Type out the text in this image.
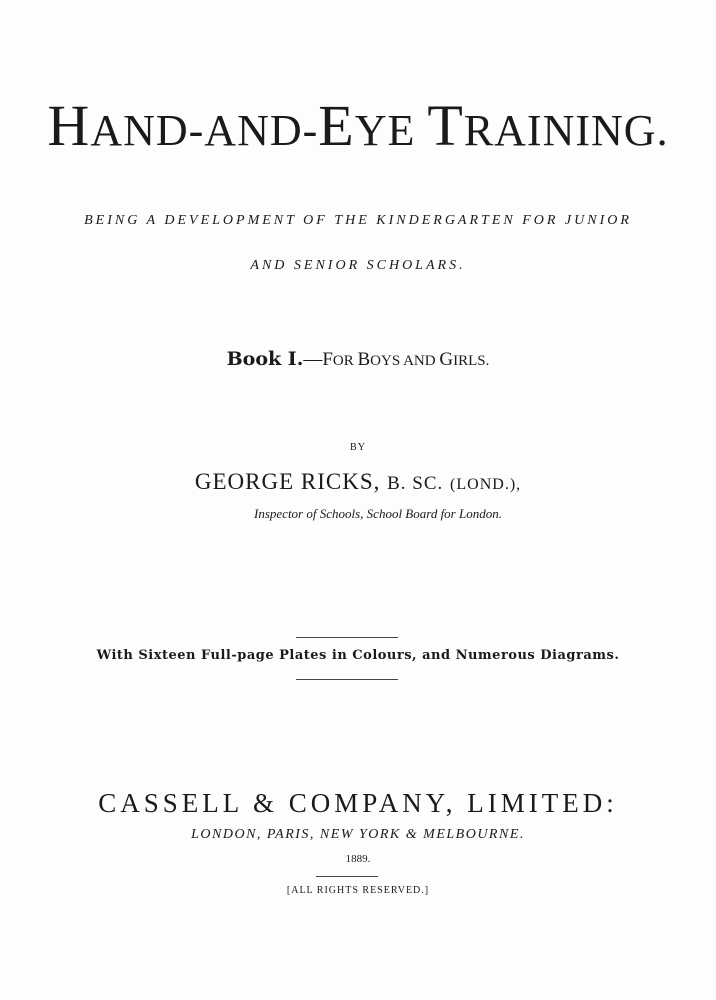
HAND-AND-EYE TRAINING.
BEING A DEVELOPMENT OF THE KINDERGARTEN FOR JUNIOR
AND SENIOR SCHOLARS.
Book I.—FOR BOYS AND GIRLS.
BY
GEORGE RICKS, B. SC. (LOND.),
Inspector of Schools, School Board for London.
With Sixteen Full-page Plates in Colours, and Numerous Diagrams.
CASSELL & COMPANY, LIMITED:
LONDON, PARIS, NEW YORK & MELBOURNE.
1889.
[ALL RIGHTS RESERVED.]
